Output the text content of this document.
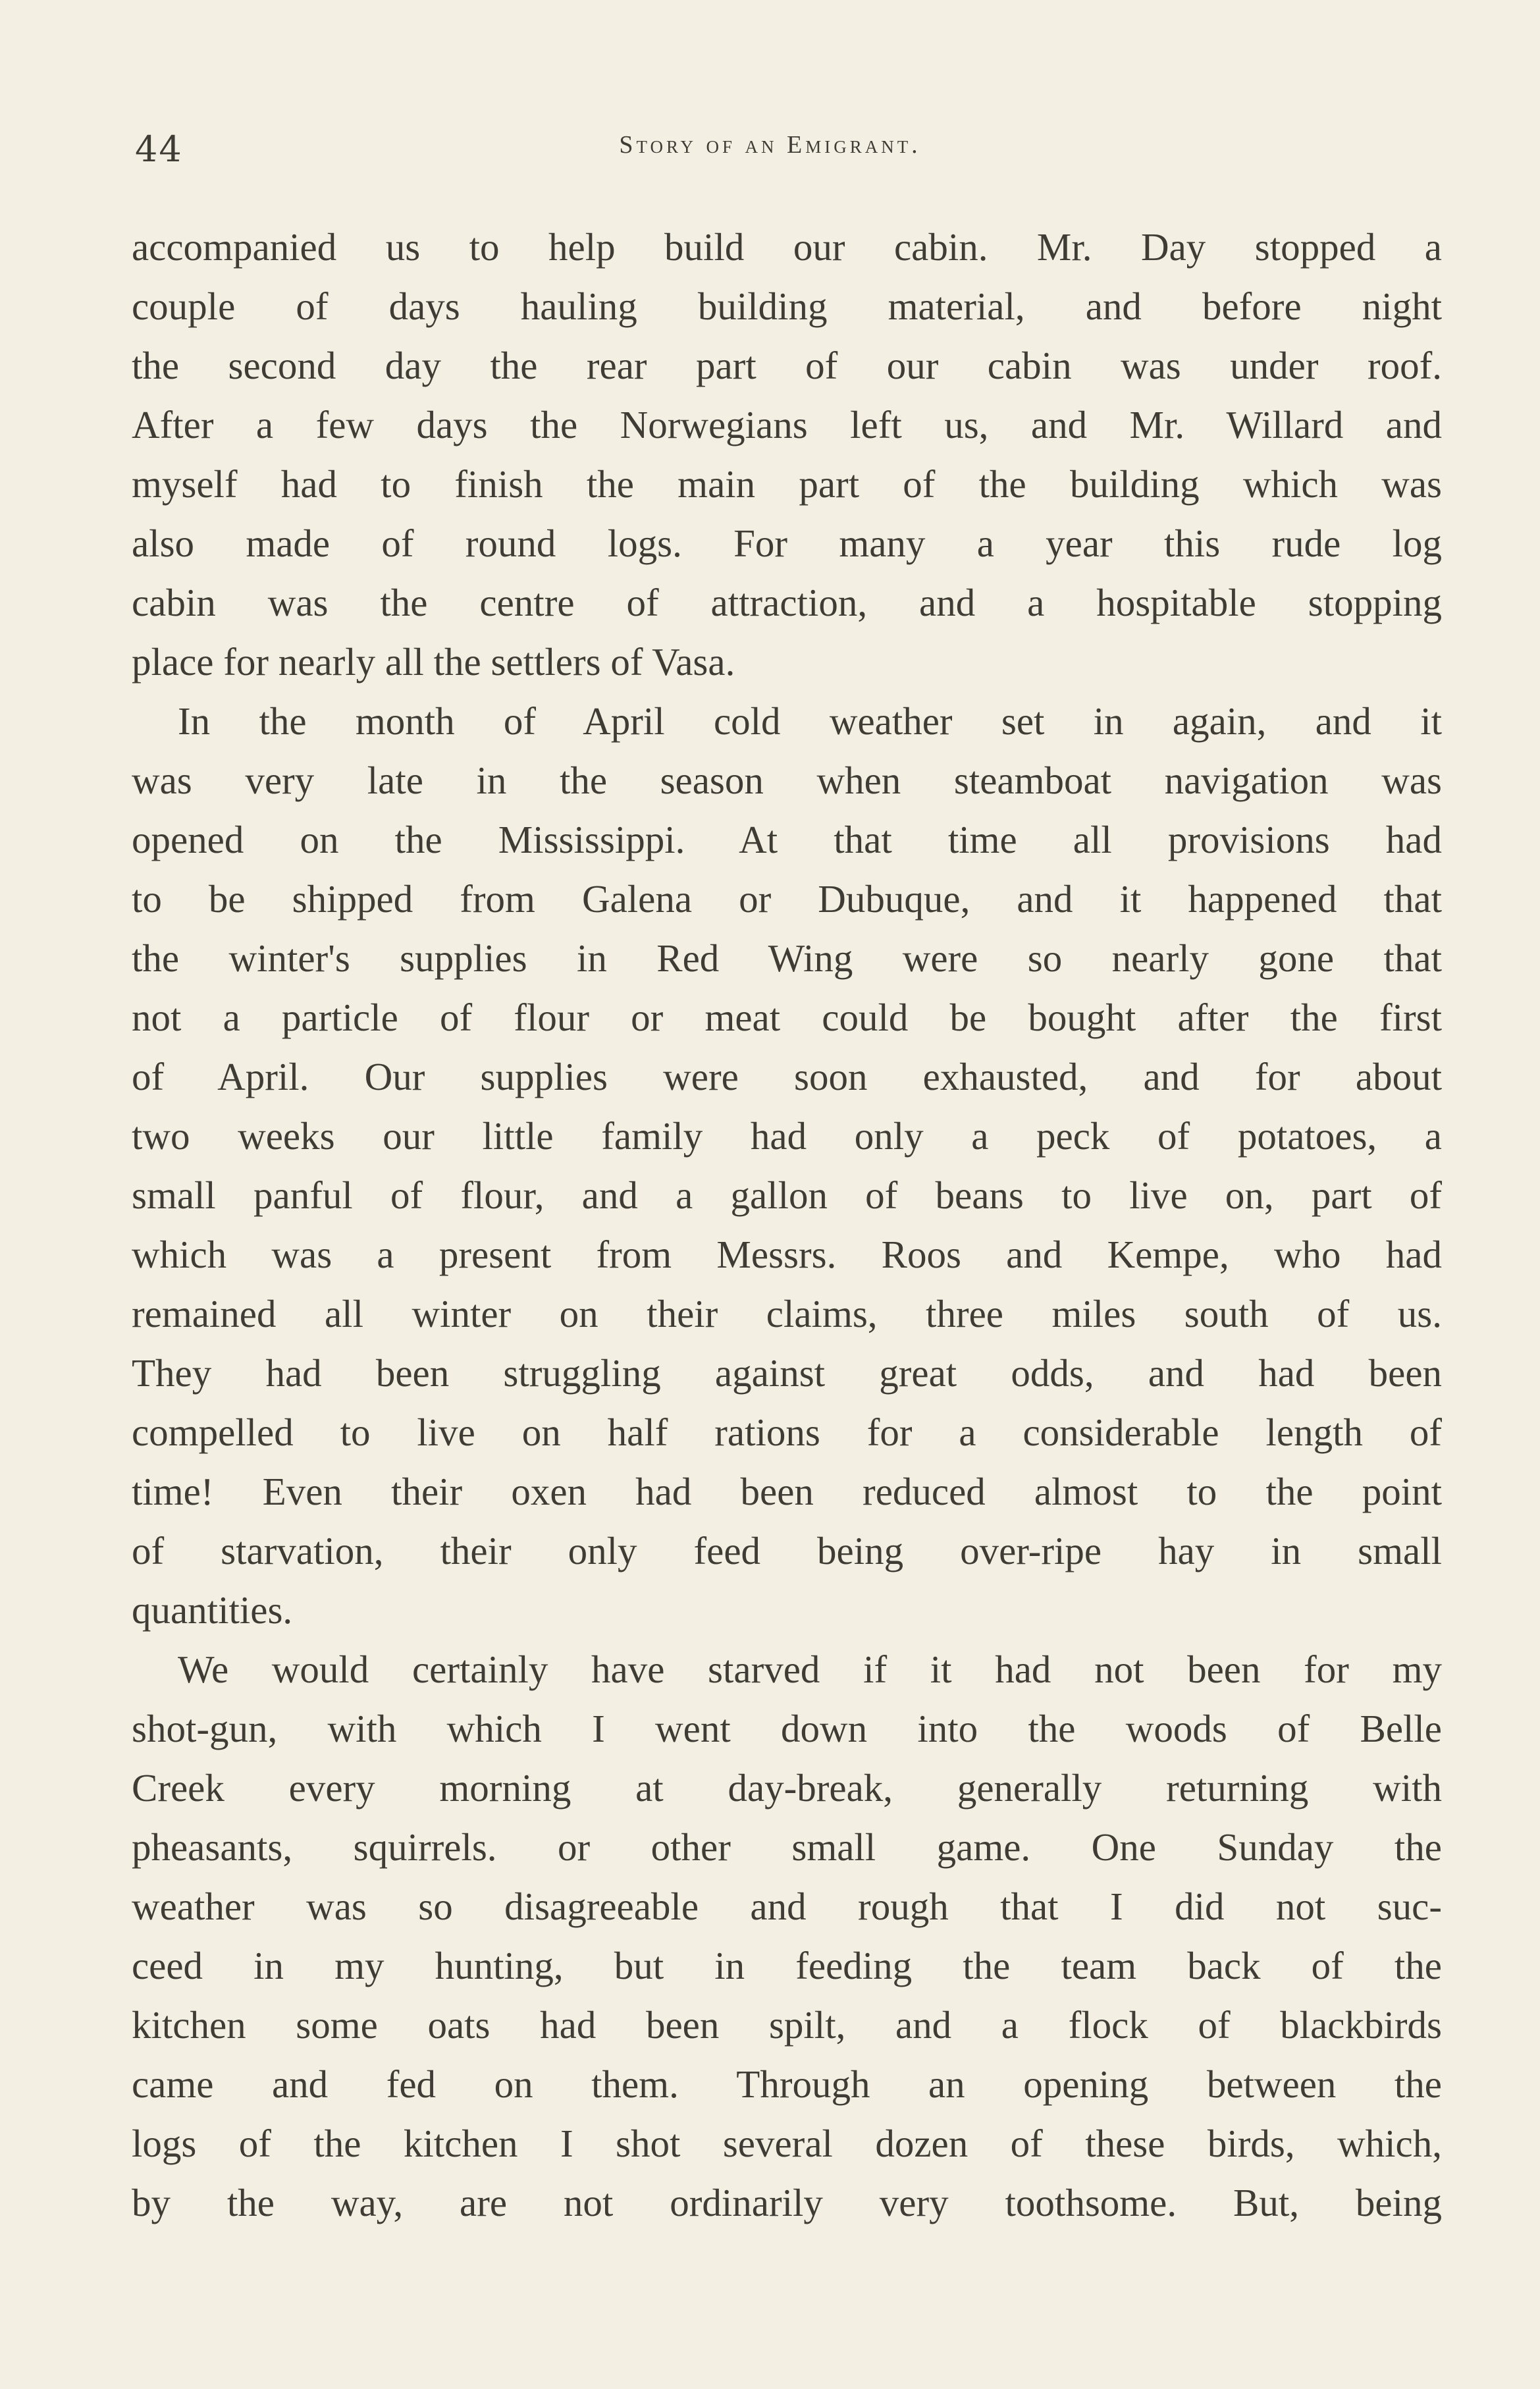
44	Story of an Emigrant.
accompanied us to help build our cabin. Mr. Day stopped a
couple of days hauling building material, and before night
the second day the rear part of our cabin was under roof.
After a few days the Norwegians left us, and Mr. Willard and
myself had to finish the main part of the building which was
also made of round logs. For many a year this rude log
cabin was the centre of attraction, and a hospitable stopping
place for nearly all the settlers of Vasa.
In the month of April cold weather set in again, and it
was very late in the season when steamboat navigation was
opened on the Mississippi. At that time all provisions had
to be shipped from Galena or Dubuque, and it happened that
the winter's supplies in Red Wing were so nearly gone that
not a particle of flour or meat could be bought after the first
of April. Our supplies were soon exhausted, and for about
two weeks our little family had only a peck of potatoes, a
small panful of flour, and a gallon of beans to live on, part of
which was a present from Messrs. Roos and Kempe, who had
remained all winter on their claims, three miles south of us.
They had been struggling against great odds, and had been
compelled to live on half rations for a considerable length of
time! Even their oxen had been reduced almost to the point
of starvation, their only feed being over-ripe hay in small
quantities.
We would certainly have starved if it had not been for my
shot-gun, with which I went down into the woods of Belle
Creek every morning at day-break, generally returning with
pheasants, squirrels. or other small game. One Sunday the
weather was so disagreeable and rough that I did not suc-
ceed in my hunting, but in feeding the team back of the
kitchen some oats had been spilt, and a flock of blackbirds
came and fed on them. Through an opening between the
logs of the kitchen I shot several dozen of these birds, which,
by the way, are not ordinarily very toothsome. But, being
